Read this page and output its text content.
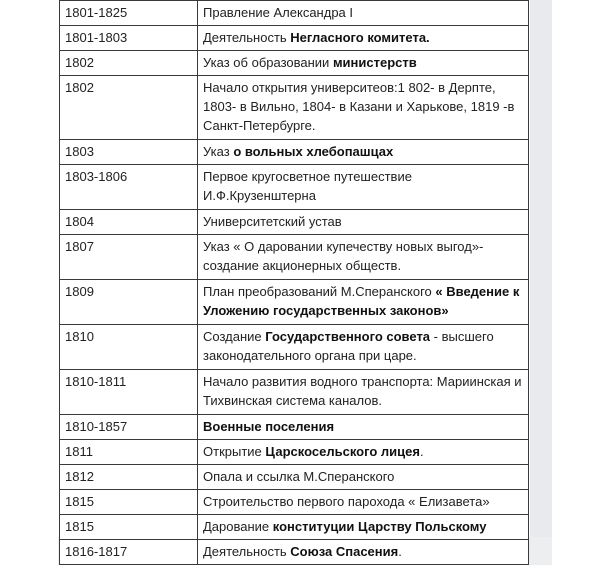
1801-1825	Правление Александра I
1801-1803	Деятельность Негласного комитета.
1802	Указ об образовании министерств
1802	Начало открытия университеов:1 802- в Дерпте, 1803- в Вильно, 1804- в Казани и Харькове, 1819 -в Санкт-Петербурге.
1803	Указ о вольных хлебопашцах
1803-1806	Первое кругосветное путешествие И.Ф.Крузенштерна
1804	Университетский устав
1807	Указ « О даровании купечеству новых выгод»- создание акционерных обществ.
1809	План преобразований М.Сперанского « Введение к Уложению государственных законов»
1810	Создание Государственного совета - высшего законодательного органа при царе.
1810-1811	Начало развития водного транспорта: Мариинская и Тихвинская система каналов.
1810-1857	Военные поселения
1811	Открытие Царскосельского лицея.
1812	Опала и ссылка М.Сперанского
1815	Строительство первого парохода « Елизавета»
1815	Дарование конституции Царству Польскому
1816-1817	Деятельность Союза Спасения.
